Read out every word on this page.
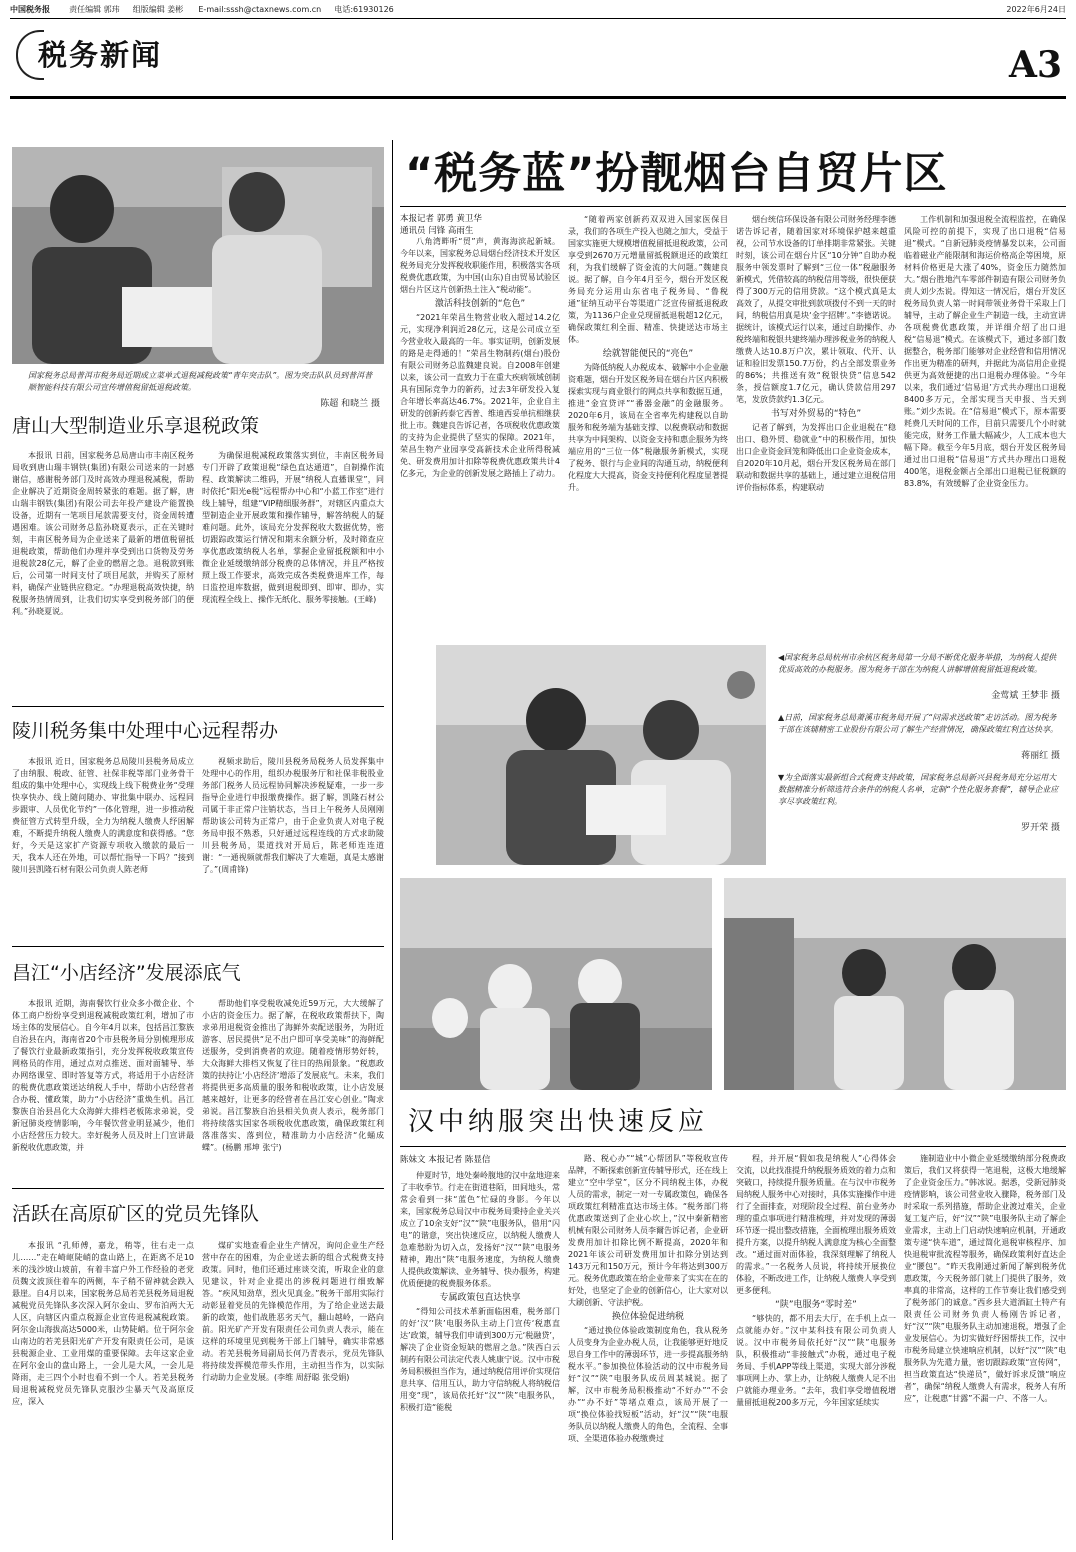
中国税务报 责任编辑 郭玮 组版编辑 姜彬 E-mail:sssh@ctaxnews.com.cn 电话:61930126	2022年6月24日
税务新闻	A3
国家税务总局普洱市税务局近期成立菜单式退税减税政策“青年突击队”。图为突击队队员到普洱普顺智能科技有限公司宣传增值税留抵退税政策。
陈超 和晓兰 摄
唐山大型制造业乐享退税政策

本报讯 日前，国家税务总局唐山市丰南区税务局收到唐山瑞丰钢铁(集团)有限公司送来的一封感谢信，感谢税务部门及时高效办理退税减税，帮助企业解决了近期资金周转紧张的难题。据了解，唐山瑞丰钢铁(集团)有限公司去年投产建设产能置换设备，近期有一笔项目尾款需要支付，资金周转遭遇困难。该公司财务总监孙晓夏表示，正在关键时刻，丰南区税务局为企业送来了最新的增值税留抵退税政策，帮助他们办理并享受到出口货物及劳务退税款28亿元，解了企业的燃眉之急。退税款到账后，公司第一时间支付了项目尾款，并购买了原材料，确保产业链供应稳定。“办理退税高效快捷，纳税服务热情周到，让我们切实享受到税务部门的便利。”孙晓夏说。

为确保退税减税政策落实到位，丰南区税务局专门开辟了政策退税“绿色直达通道”，自制操作流程、政策解读二维码，开展“纳税人直播课堂”，同时依托“阳光e税”远程帮办中心和“小蓝工作室”进行线上辅导，组建“VIP精细服务群”，对辖区内重点大型制造企业开展政策和操作辅导，解答纳税人的疑难问题。此外，该局充分发挥税收大数据优势，密切跟踪政策运行情况和期末余额分析，及时筛查应享优惠政策纳税人名单，掌握企业留抵税额和中小微企业延缓缴纳部分税费的总体情况，并且严格按照上级工作要求，高效完成各类税费退库工作，每日监控退库数据，做到退税即到、即审、即办，实现流程全线上、操作无纸化、服务零接触。(王峰)

陵川税务集中处理中心远程帮办

本报讯 近日，国家税务总局陵川县税务局成立了由纳服、税政、征管、社保非税等部门业务骨干组成的集中处理中心，实现线上线下税费业务“受理快享快办、线上随问随办、审批集中联办、远程同步跟审、人员优化节约”一体化管理，进一步推动税费征管方式转型升级，全力为纳税人缴费人纾困解难，不断提升纳税人缴费人的满意度和获得感。“您好，今天是这家扩产资源专项收入缴款的最后一天，我本人还在外地，可以帮忙指导一下吗？”接到陵川县凯隆石材有限公司负责人陈老师

视频求助后，陵川县税务局税务人员发挥集中处理中心的作用，组织办税服务厅和社保非税股业务部门税务人员远程协同解决涉税疑难，一步一步指导企业进行申报缴费操作。据了解，凯隆石材公司属于非正常户注销状态，当日上午税务人员刚刚帮助该公司转为正常户，由于企业负责人对电子税务局申报不熟悉，只好通过远程连线的方式求助陵川县税务局，渠道找对开局后，陈老师连连道谢：“一通视频就帮我们解决了大难题，真是太感谢了。”(周甫锋)

昌江“小店经济”发展添底气

本报讯 近期，海南餐饮行业众多小微企业、个体工商户纷纷享受到退税减税政策红利，增加了市场主体的发展信心。自今年4月以来，包括昌江黎族自治县在内，海南省20个市县税务局分别梳理形成了餐饮行业最新政策指引，充分发挥税收政策宣传网格员的作用，通过点对点推送、面对面辅导、举办网络课堂、即时答复等方式，将适用于小店经济的税费优惠政策送达纳税人手中，帮助小店经营者合办税、懂政策，助力“小店经济”重焕生机。昌江黎族自治县昌化大众海鲜大排档老板陈求弟说，受新冠肺炎疫情影响，今年餐饮营业明显减少，他们小店经营压力较大。幸好税务人员及时上门宣讲最新税收优惠政策，并

帮助他们享受税收减免近59万元，大大缓解了小店的资金压力。据了解，在税收政策帮扶下，陶求弟用退税资金推出了海鲜外卖配送服务，为附近游客、居民提供“足不出户即可享受美味”的海鲜配送服务，受到消费者的欢迎。随着疫情形势好转，大众海鲜大排档又恢复了往日的热闹景象。“税惠政策的扶持让‘小店经济’增添了发展底气。未来，我们将提供更多高质量的服务和税收政策，让小店发展越来越好，让更多的经营者在昌江安心创业。”陶求弟说。昌江黎族自治县相关负责人表示，税务部门将持续落实国家各项税收优惠政策，确保政策红利落准落实、落到位，精准助力小店经济“化蛹成蝶”。(杨鹏 邢坤 张宁)

活跃在高原矿区的党员先锋队

本报讯 “孔师傅，嘉龙，稍等，往右走一点儿……”走在崎岖陡峭的盘山路上，在距离不足10米的浅沙坡山坡前，有着丰富户外工作经验的老党员魏文波顶住着车的两侧，车子稍不留神就会跌入悬崖。自4月以来，国家税务总局若羌县税务局退税减税党员先锋队多次深入阿尔金山、罗布泊两大无人区，向辖区内重点税源企业宣传退税减税政策。阿尔金山海拔高达5000米，山势陡峭。位于阿尔金山南边的若羌县阳光矿产开发有限责任公司，是该县税源企业、工业用煤的重要保障。去年这家企业在阿尔金山的盘山路上，一会儿是大风，一会儿是降雨，走三四个小时也看不到一个人。若羌县税务局退税减税党员先锋队克服沙尘暴天气及高原反应，深入

煤矿实地查看企业生产情况，询问企业生产经营中存在的困难，为企业送去新的组合式税费支持政策。同时，他们还通过座谈交流，听取企业的意见建议，针对企业提出的涉税问题进行细致解答。“疾风知劲草，烈火见真金。”税务干部用实际行动彰显着党员的先锋模范作用，为了给企业送去最新的政策，他们战胜恶劣天气，翻山越岭，一路向前。阳光矿产开发有限责任公司负责人表示，能在这样的环境里见到税务干部上门辅导，确实非常感动。若羌县税务局副局长何乃青表示，党员先锋队将持续发挥模范带头作用，主动担当作为，以实际行动助力企业发展。(李维 周舒聪 张受娟)

“税务蓝”扮靓烟台自贸片区
本报记者 郭勇 黄卫华
通讯员 闫锋 高雨生

八角湾畔听“贸”声，黄海海滨起新城。今年以来，国家税务总局烟台经济技术开发区税务局充分发挥税收职能作用，积极落实各项税费优惠政策，为中国(山东)自由贸易试验区烟台片区这片创新热土注入“税动能”。

激活科技创新的“危色”

“2021年荣昌生物营业收入超过14.2亿元，实现净利润近28亿元，这是公司成立至今营业收入最高的一年。事实证明，创新发展的路是走得通的！”荣昌生物制药(烟台)股份有限公司财务总监魏建良说。自2008年创建以来，该公司一直致力于在重大疾病领域创制具有国际竞争力的新药，过去3年研发投入复合年增长率高达46.7%。2021年，企业自主研发的创新药泰它西普、维迪西妥单抗相继获批上市。魏建良告诉记者，各项税收优惠政策的支持为企业提供了坚实的保障。2021年，荣昌生物产业园享受高新技术企业所得税减免、研发费用加计扣除等税费优惠政策共计4亿多元，为企业的创新发展之路插上了动力。

“随着两家创新药双双进入国家医保目录，我们的各项生产投入也随之加大，受益于国家实施更大规模增值税留抵退税政策，公司享受到2670万元增量留抵税额退还的政策红利，为我们缓解了资金流的大问题。”魏建良说。据了解，自今年4月至今，烟台开发区税务局充分运用山东省电子税务局、“鲁税通”征纳互动平台等渠道广泛宣传留抵退税政策，为1136户企业兑现留抵退税超12亿元，确保政策红利全面、精准、快捷送达市场主体。

绘就智能便民的“亮色”

为降低纳税人办税成本、破解中小企业融资难题，烟台开发区税务局在烟台片区内积极探索实现与商业银行的网点共享和数据互通，推进“金宜贷评”“番器金融”的金融服务。2020年6月，该局在全省率先构建税以自助服务和税务端为基础支撑、以税费联动和数据共享为中间架构、以资金支持和惠企服务为终端应用的“三位一体”税融服务新模式，实现了税务、银行与企业间的沟通互动，纳税便利化程度大大提高，资金支持便利化程度显著提升。

烟台统信环保设备有限公司财务经理李德诺告诉记者，随着国家对环境保护越来越重视，公司节水设备的订单排期非常紧张。关键时刻，该公司在烟台片区“10分钟”自助办税服务中领发票时了解到“三位一体”税融服务新模式，凭借较高的纳税信用等级，很快便获得了300万元的信用贷款。“这个模式真是太高效了，从提交审批到款项拨付不到一天的时间，纳税信用真是块‘金字招牌’。”李德诺说。据统计，该模式运行以来，通过自助操作、办税终端和税银共建终端办理涉税业务的纳税人缴费人达10.8万户次，累计领取、代开、认证和验旧发票150.7万份，约占全部发票业务的86%；共推送有效“税银快贷”信息542条，授信额度1.7亿元，确认贷款信用297笔，发放贷款约1.3亿元。

书写对外贸易的“特色”

记者了解到，为发挥出口企业退税在“稳出口、稳外贸、稳就业”中的积极作用，加快出口企业资金回笼和降低出口企业资金成本，自2020年10月起，烟台开发区税务局在部门联动和数据共享的基础上，通过建立退税信用评价指标体系，构建联动

工作机制和加强退税全流程监控，在确保风险可控的前提下，实现了出口退税“信易退”模式。“自新冠肺炎疫情暴发以来，公司面临着磁业产能限制和海运价格高企等困境，原材料价格更是大涨了40%，资金压力随然加大。”烟台胜地汽车零部件制造有限公司财务负责人刘少杰说。得知这一情况后，烟台开发区税务局负责人第一时间带领业务骨干采取上门辅导，主动了解企业生产制造一线，主动宣讲各项税费优惠政策，并详细介绍了出口退税“信易退”模式。在该模式下，通过多部门数据整合，税务部门能够对企业经营和信用情况作出更为精准的研判，并据此为高信用企业提供更为高效便捷的出口退税办理体验。“今年以来，我们通过‘信易退’方式共办理出口退税8400多万元，全部实现当天申报、当天到账。”刘少杰说。在“信易退”模式下，原本需要耗费几天时间的工作，目前只需要几个小时就能完成，财务工作量大幅减少，人工成本也大幅下降。截至今年5月底，烟台开发区税务局通过出口退税“信易退”方式共办理出口退税400笔，退税金额占全部出口退税已征税额的83.8%，有效缓解了企业资金压力。

◀国家税务总局杭州市余杭区税务局第一分局不断优化服务举措，为纳税人提供优质高效的办税服务。图为税务干部在为纳税人讲解增值税留抵退税政策。
金莺斌 王梦非 摄
▲日前，国家税务总局萧溪市税务局开展了“问需求送政策”走访活动。图为税务干部在该辅精密工业股份有限公司了解生产经营情况，确保政策红利直达快享。
蒋丽红 摄
▼为全面落实最新组合式税费支持政策，国家税务总局新兴县税务局充分运用大数据精准分析筛选符合条件的纳税人名单，定制“个性化服务套餐”，辅导企业应享尽享政策红利。
罗开荣 摄
汉中纳服突出快速反应
陈妹文 本报记者 陈显信

仲夏时节，地处秦岭腹地的汉中盆地迎来了丰收季节。行走在街道巷陌，田间地头，常常会看到一抹“蓝色”忙碌的身影。今年以来，国家税务总局汉中市税务局秉持企业关兴成立了10余支好“汉”“陕”电服务队，借用“闪电”的谐意，突出快速反应，以纳税人缴费人急难愁盼为切入点，发扬好“汉”“陕”电服务精神，跑出“陕”电服务速度，为纳税人缴费人提供政策解读、业务辅导、快办服务，构建优质便捷的税费服务体系。

专属政策包直达快享

“得知公司技术革新面临困难，税务部门的好‘汉’‘陕’电服务队主动上门宣传‘税惠直达’政策，辅导我们申请到300万元‘税融贷’，解决了企业资金短缺的燃眉之急。”陕西白云制药有限公司法定代表人姚康宁说。汉中市税务局积极担当作为，通过纳税信用评价实现信息共享、信用互认，助力守信纳税人将纳税信用变“现”，该局依托好“汉”“陕”电服务队，积极打造“能税

路、税心办”“城”心帮团队”等税收宣传品牌，不断探索创新宣传辅导形式，还在线上建立“空中学堂”，区分不同纳税主体，办税人员的需求，制定一对一专属政策包，确保各项政策红利精准直达市场主体。“税务部门将优惠政策送到了企业心坎上，”汉中秦新精密机械有限公司财务人员李爾告诉记者，企业研发费用加计扣除比例不断提高，2020年和2021年该公司研发费用加计扣除分别达到143万元和150万元，预计今年将达到300万元。税务优惠政策在给企业带来了实实在在的好处，也坚定了企业的创新信心，让大家对以大刷创新、守法护税。

换位体验促进纳税

“通过换位体验政策制度角色，我从税务人员变身为企业办税人员，让我能够更好地反思自身工作中的薄弱环节，进一步提高服务纳税水平。”参加换位体验活动的汉中市税务局好“汉”“陕”电服务队成员周某城说。据了解，汉中市税务局积极推动“不好办”“不会办”“办不好”等堵点难点，该局开展了一项“换位体验找短板”活动，好“汉”“陕”电服务队员以纳税人缴费人的角色，全流程、全事项、全渠道体验办税缴费过

程，并开展“假如我是纳税人”心得体会交流，以此找准提升纳税服务质效的着力点和突破口，持续提升服务质量。在与汉中市税务局纳税人服务中心对接时，具体实施操作中进行了全面排查，对现阶段全过程、前台业务办理的重点事项进行精准梳理，并对发现的薄弱环节逐一提出整改措施，全面梳理出服务质效提升方案，以提升纳税人满意度为核心全面整改。“通过面对面体验，我深刻理解了纳税人的需求。”一名税务人员说，将持续开展换位体验，不断改进工作，让纳税人缴费人享受到更多便利。

“陕”电服务“零时差”

“够快的，都不用去大厅，在手机上点一点就能办好。”汉中某科技有限公司负责人说。汉中市税务局依托好“汉”“陕”电服务队，积极推动“非接触式”办税，通过电子税务局、手机APP等线上渠道，实现大部分涉税事项网上办、掌上办，让纳税人缴费人足不出户就能办理业务。“去年，我们享受增值税增量留抵退税200多万元，今年国家延续实

施制造业中小微企业延缓缴纳部分税费政策后，我们又将获得一笔退税，这极大地缓解了企业资金压力。”韩冰说。据悉，受新冠肺炎疫情影响，该公司营业收入骤降，税务部门及时采取一系列措施，帮助企业渡过难关，企业复工复产后，好“汉”“陕”电服务队主动了解企业需求，主动上门启动快速响应机制，开通政策专递“快车道”，通过简化退税审核程序、加快退税审批流程等服务，确保政策利好直达企业“腰包”。“昨天我刚通过新闻了解到税务优惠政策，今天税务部门就上门提供了服务，效率真的非常高，这样的工作节奏让我们感受到了税务部门的诚意。”西乡县大道酒缸土特产有限责任公司财务负责人杨刚告诉记者，好“汉”“陕”电服务队主动加速退税，增强了企业发展信心。为切实做好纾困帮扶工作，汉中市税务局建立快速响应机制，以好“汉”“陕”电服务队为先遣力量，密切跟踪政策“宣传网”，担当政策直达“快递员”，做好诉求反馈“响应者”，确保“纳税人缴费人有需求，税务人有所应”，让税惠“甘露”不漏一户、不落一人。
